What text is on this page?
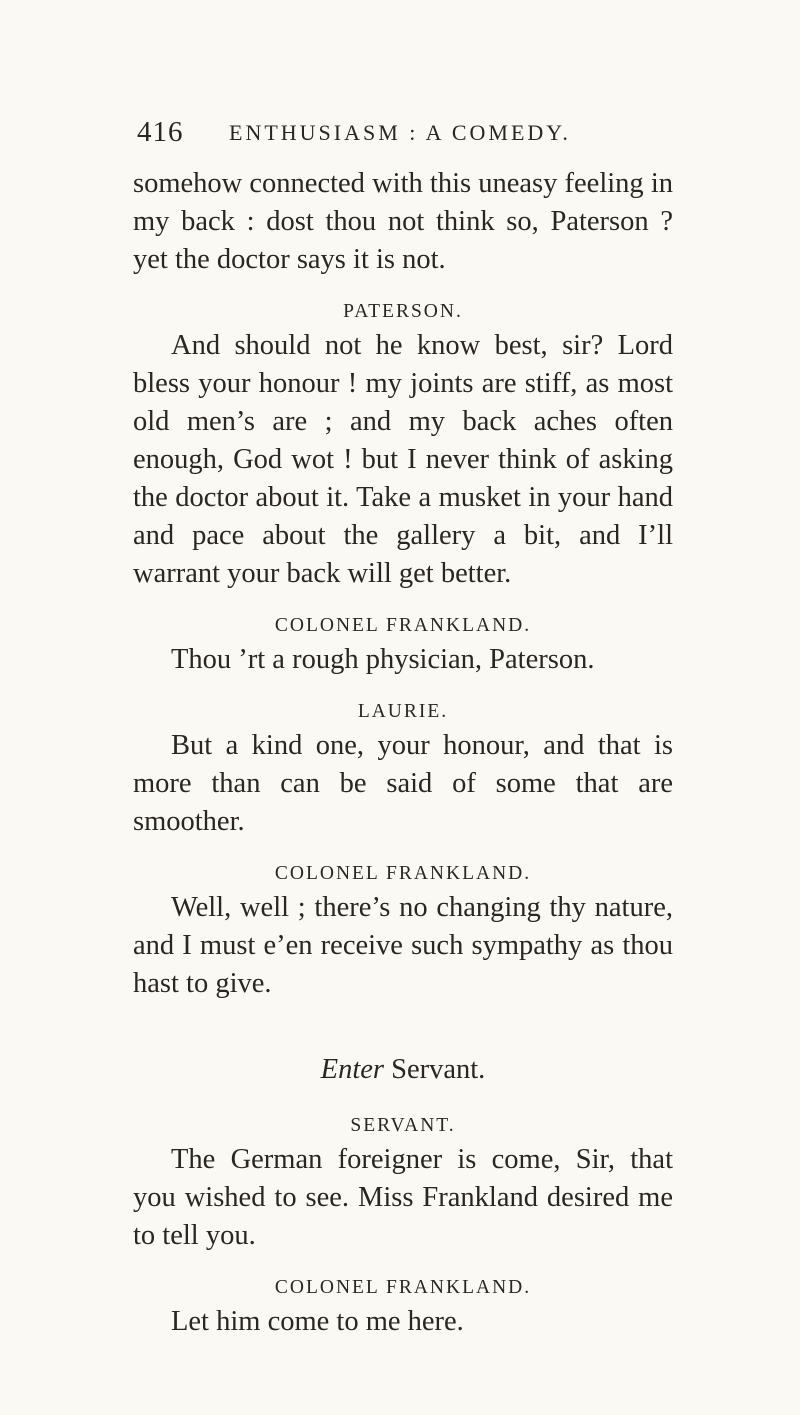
416 ENTHUSIASM : A COMEDY.

somehow connected with this uneasy feeling in my back : dost thou not think so, Paterson ? yet the doctor says it is not.

PATERSON.

And should not he know best, sir? Lord bless your honour ! my joints are stiff, as most old men’s are ; and my back aches often enough, God wot ! but I never think of asking the doctor about it. Take a musket in your hand and pace about the gallery a bit, and I’ll warrant your back will get better.

COLONEL FRANKLAND.

Thou ’rt a rough physician, Paterson.

LAURIE.

But a kind one, your honour, and that is more than can be said of some that are smoother.

COLONEL FRANKLAND.

Well, well ; there’s no changing thy nature, and I must e’en receive such sympathy as thou hast to give.

Enter Servant.

SERVANT.

The German foreigner is come, Sir, that you wished to see. Miss Frankland desired me to tell you.

COLONEL FRANKLAND.

Let him come to me here.
